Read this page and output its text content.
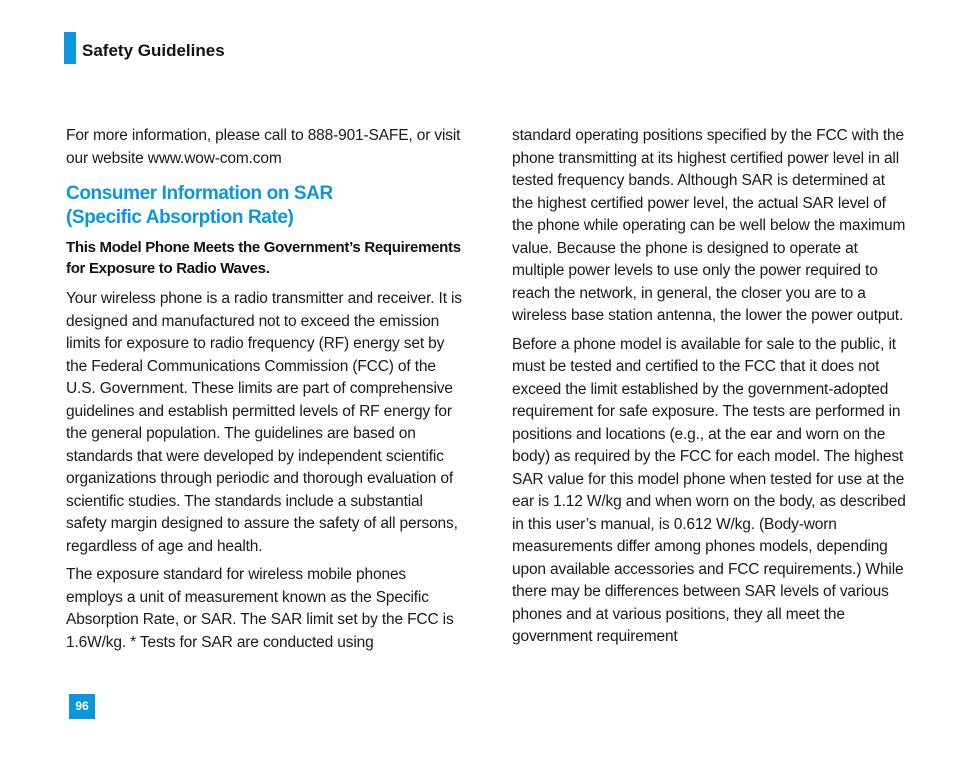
Safety Guidelines

For more information, please call to 888-901-SAFE, or visit our website www.wow-com.com

Consumer Information on SAR
(Specific Absorption Rate)
This Model Phone Meets the Government’s Requirements for Exposure to Radio Waves.

Your wireless phone is a radio transmitter and receiver. It is designed and manufactured not to exceed the emission limits for exposure to radio frequency (RF) energy set by the Federal Communications Commission (FCC) of the U.S. Government. These limits are part of comprehensive guidelines and establish permitted levels of RF energy for the general population. The guidelines are based on standards that were developed by independent scientific organizations through periodic and thorough evaluation of scientific studies. The standards include a substantial safety margin designed to assure the safety of all persons, regardless of age and health.

The exposure standard for wireless mobile phones employs a unit of measurement known as the Specific Absorption Rate, or SAR. The SAR limit set by the FCC is 1.6W/kg. * Tests for SAR are conducted using

standard operating positions specified by the FCC with the phone transmitting at its highest certified power level in all tested frequency bands. Although SAR is determined at the highest certified power level, the actual SAR level of the phone while operating can be well below the maximum value. Because the phone is designed to operate at multiple power levels to use only the power required to reach the network, in general, the closer you are to a wireless base station antenna, the lower the power output.

Before a phone model is available for sale to the public, it must be tested and certified to the FCC that it does not exceed the limit established by the government-adopted requirement for safe exposure. The tests are performed in positions and locations (e.g., at the ear and worn on the body) as required by the FCC for each model. The highest SAR value for this model phone when tested for use at the ear is 1.12 W/kg and when worn on the body, as described in this user’s manual, is 0.612 W/kg. (Body-worn measurements differ among phones models, depending upon available accessories and FCC requirements.) While there may be differences between SAR levels of various phones and at various positions, they all meet the government requirement

96
